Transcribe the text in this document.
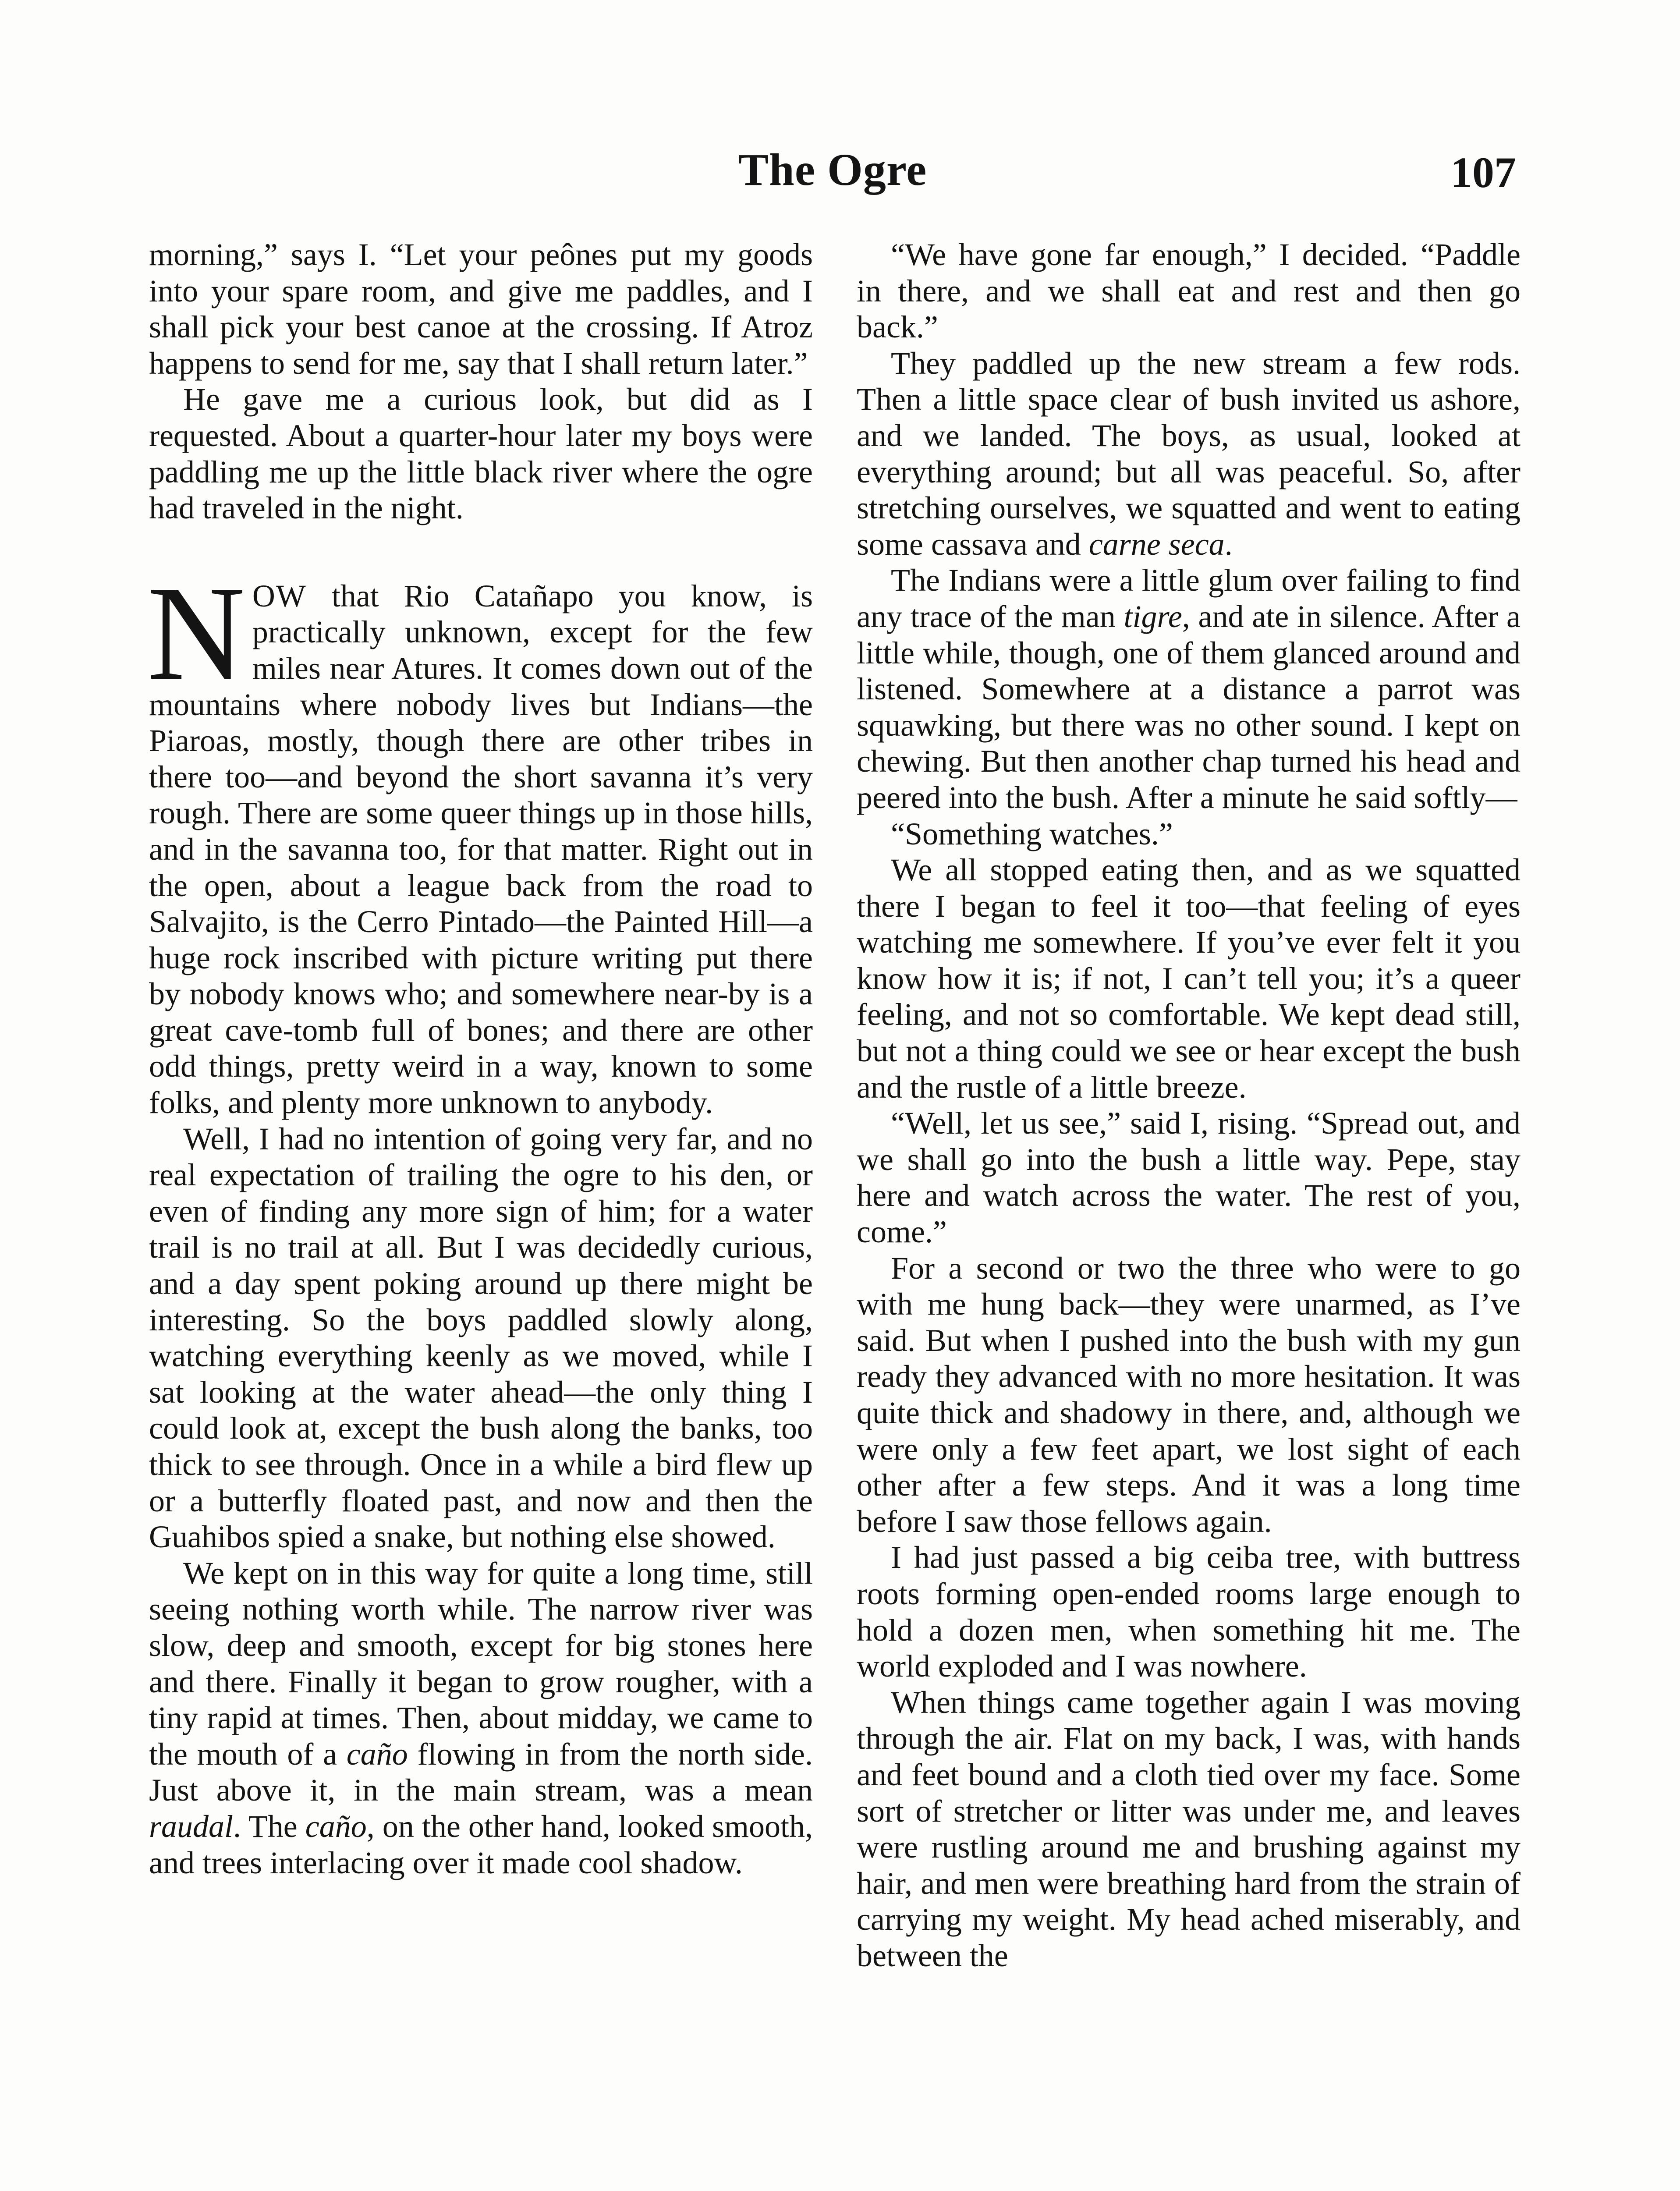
The Ogre	107

morning,” says I. “Let your peônes put my goods into your spare room, and give me paddles, and I shall pick your best canoe at the crossing. If Atroz happens to send for me, say that I shall return later.”

He gave me a curious look, but did as I requested. About a quarter-hour later my boys were paddling me up the little black river where the ogre had traveled in the night.

NOW that Rio Catañapo you know, is practically unknown, except for the few miles near Atures. It comes down out of the mountains where nobody lives but Indians—the Piaroas, mostly, though there are other tribes in there too—and beyond the short savanna it’s very rough. There are some queer things up in those hills, and in the savanna too, for that matter. Right out in the open, about a league back from the road to Salvajito, is the Cerro Pintado—the Painted Hill—a huge rock inscribed with picture writing put there by nobody knows who; and somewhere near-by is a great cave-tomb full of bones; and there are other odd things, pretty weird in a way, known to some folks, and plenty more unknown to anybody.

Well, I had no intention of going very far, and no real expectation of trailing the ogre to his den, or even of finding any more sign of him; for a water trail is no trail at all. But I was decidedly curious, and a day spent poking around up there might be interesting. So the boys paddled slowly along, watching everything keenly as we moved, while I sat looking at the water ahead—the only thing I could look at, except the bush along the banks, too thick to see through. Once in a while a bird flew up or a butterfly floated past, and now and then the Guahibos spied a snake, but nothing else showed.

We kept on in this way for quite a long time, still seeing nothing worth while. The narrow river was slow, deep and smooth, except for big stones here and there. Finally it began to grow rougher, with a tiny rapid at times. Then, about midday, we came to the mouth of a caño flowing in from the north side. Just above it, in the main stream, was a mean raudal. The caño, on the other hand, looked smooth, and trees interlacing over it made cool shadow.

“We have gone far enough,” I decided. “Paddle in there, and we shall eat and rest and then go back.”

They paddled up the new stream a few rods. Then a little space clear of bush invited us ashore, and we landed. The boys, as usual, looked at everything around; but all was peaceful. So, after stretching ourselves, we squatted and went to eating some cassava and carne seca.

The Indians were a little glum over failing to find any trace of the man tigre, and ate in silence. After a little while, though, one of them glanced around and listened. Somewhere at a distance a parrot was squawking, but there was no other sound. I kept on chewing. But then another chap turned his head and peered into the bush. After a minute he said softly—

“Something watches.”

We all stopped eating then, and as we squatted there I began to feel it too—that feeling of eyes watching me somewhere. If you’ve ever felt it you know how it is; if not, I can’t tell you; it’s a queer feeling, and not so comfortable. We kept dead still, but not a thing could we see or hear except the bush and the rustle of a little breeze.

“Well, let us see,” said I, rising. “Spread out, and we shall go into the bush a little way. Pepe, stay here and watch across the water. The rest of you, come.”

For a second or two the three who were to go with me hung back—they were unarmed, as I’ve said. But when I pushed into the bush with my gun ready they advanced with no more hesitation. It was quite thick and shadowy in there, and, although we were only a few feet apart, we lost sight of each other after a few steps. And it was a long time before I saw those fellows again.

I had just passed a big ceiba tree, with buttress roots forming open-ended rooms large enough to hold a dozen men, when something hit me. The world exploded and I was nowhere.

When things came together again I was moving through the air. Flat on my back, I was, with hands and feet bound and a cloth tied over my face. Some sort of stretcher or litter was under me, and leaves were rustling around me and brushing against my hair, and men were breathing hard from the strain of carrying my weight. My head ached miserably, and between the
